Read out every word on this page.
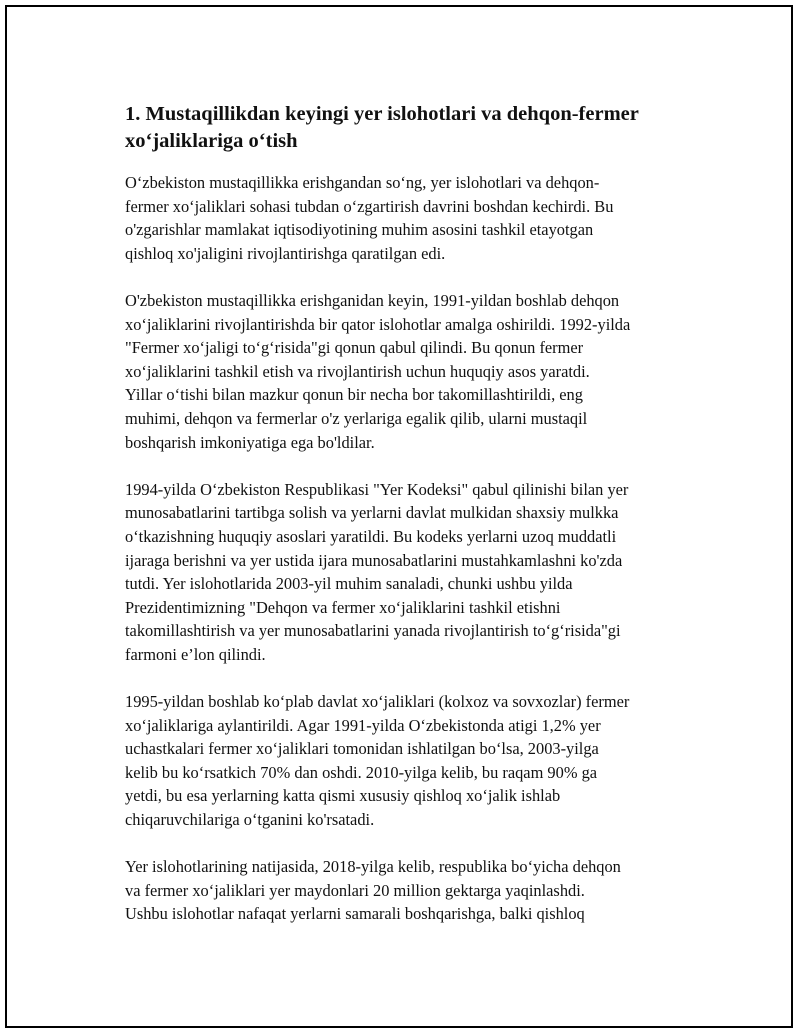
1. Mustaqillikdan keyingi yer islohotlari va dehqon-fermer
xo‘jaliklariga o‘tish

O‘zbekiston mustaqillikka erishgandan so‘ng, yer islohotlari va dehqon-
fermer xo‘jaliklari sohasi tubdan o‘zgartirish davrini boshdan kechirdi. Bu
o'zgarishlar mamlakat iqtisodiyotining muhim asosini tashkil etayotgan
qishloq xo'jaligini rivojlantirishga qaratilgan edi.

O'zbekiston mustaqillikka erishganidan keyin, 1991-yildan boshlab dehqon
xo‘jaliklarini rivojlantirishda bir qator islohotlar amalga oshirildi. 1992-yilda
"Fermer xo‘jaligi to‘g‘risida"gi qonun qabul qilindi. Bu qonun fermer
xo‘jaliklarini tashkil etish va rivojlantirish uchun huquqiy asos yaratdi.
Yillar o‘tishi bilan mazkur qonun bir necha bor takomillashtirildi, eng
muhimi, dehqon va fermerlar o'z yerlariga egalik qilib, ularni mustaqil
boshqarish imkoniyatiga ega bo'ldilar.

1994-yilda O‘zbekiston Respublikasi "Yer Kodeksi" qabul qilinishi bilan yer
munosabatlarini tartibga solish va yerlarni davlat mulkidan shaxsiy mulkka
o‘tkazishning huquqiy asoslari yaratildi. Bu kodeks yerlarni uzoq muddatli
ijaraga berishni va yer ustida ijara munosabatlarini mustahkamlashni ko'zda
tutdi. Yer islohotlarida 2003-yil muhim sanaladi, chunki ushbu yilda
Prezidentimizning "Dehqon va fermer xo‘jaliklarini tashkil etishni
takomillashtirish va yer munosabatlarini yanada rivojlantirish to‘g‘risida"gi
farmoni e’lon qilindi.

1995-yildan boshlab ko‘plab davlat xo‘jaliklari (kolxoz va sovxozlar) fermer
xo‘jaliklariga aylantirildi. Agar 1991-yilda O‘zbekistonda atigi 1,2% yer
uchastkalari fermer xo‘jaliklari tomonidan ishlatilgan bo‘lsa, 2003-yilga
kelib bu ko‘rsatkich 70% dan oshdi. 2010-yilga kelib, bu raqam 90% ga
yetdi, bu esa yerlarning katta qismi xususiy qishloq xo‘jalik ishlab
chiqaruvchilariga o‘tganini ko'rsatadi.

Yer islohotlarining natijasida, 2018-yilga kelib, respublika bo‘yicha dehqon
va fermer xo‘jaliklari yer maydonlari 20 million gektarga yaqinlashdi.
Ushbu islohotlar nafaqat yerlarni samarali boshqarishga, balki qishloq
